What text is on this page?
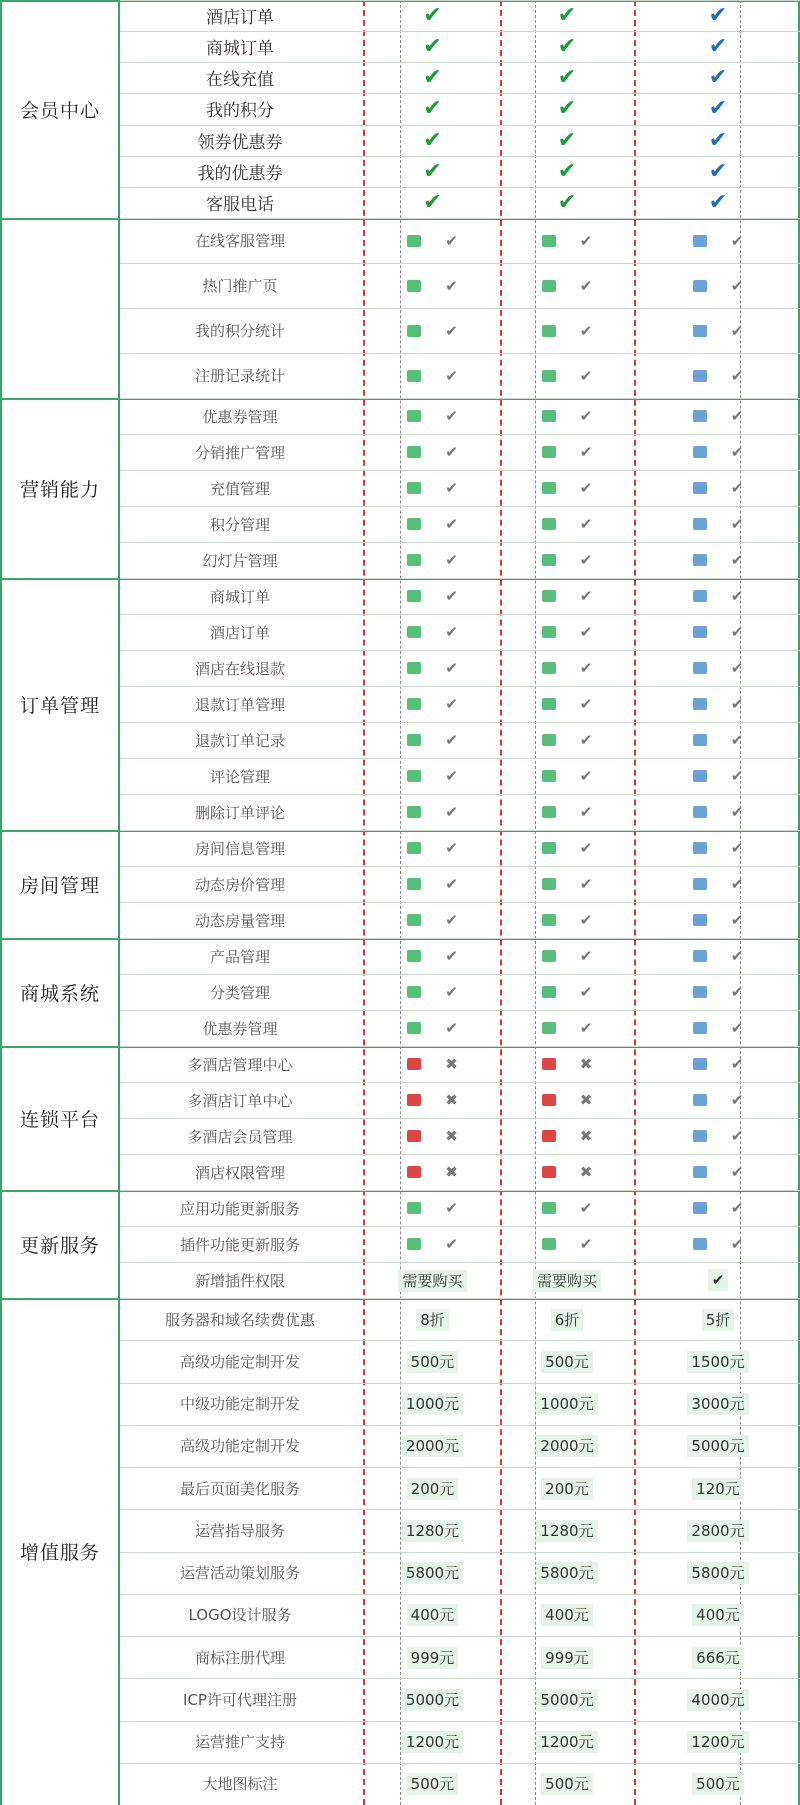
会员中心
酒店订单	✔	✔	✔
商城订单	✔	✔	✔
在线充值	✔	✔	✔
我的积分	✔	✔	✔
领券优惠券	✔	✔	✔
我的优惠券	✔	✔	✔
客服电话	✔	✔	✔
在线客服管理	✔	✔	✔
热门推广页	✔	✔	✔
我的积分统计	✔	✔	✔
注册记录统计	✔	✔	✔
营销能力
优惠券管理	✔	✔	✔
分销推广管理	✔	✔	✔
充值管理	✔	✔	✔
积分管理	✔	✔	✔
幻灯片管理	✔	✔	✔
订单管理
商城订单	✔	✔	✔
酒店订单	✔	✔	✔
酒店在线退款	✔	✔	✔
退款订单管理	✔	✔	✔
退款订单记录	✔	✔	✔
评论管理	✔	✔	✔
删除订单评论	✔	✔	✔
房间管理
房间信息管理	✔	✔	✔
动态房价管理	✔	✔	✔
动态房量管理	✔	✔	✔
商城系统
产品管理	✔	✔	✔
分类管理	✔	✔	✔
优惠券管理	✔	✔	✔
连锁平台
多酒店管理中心	✖	✖	✔
多酒店订单中心	✖	✖	✔
多酒店会员管理	✖	✖	✔
酒店权限管理	✖	✖	✔
更新服务
应用功能更新服务	✔	✔	✔
插件功能更新服务	✔	✔	✔
新增插件权限	需要购买	需要购买	✔
增值服务
服务器和域名续费优惠	8折	6折	5折
高级功能定制开发	500元	500元	1500元
中级功能定制开发	1000元	1000元	3000元
高级功能定制开发	2000元	2000元	5000元
最后页面美化服务	200元	200元	120元
运营指导服务	1280元	1280元	2800元
运营活动策划服务	5800元	5800元	5800元
LOGO设计服务	400元	400元	400元
商标注册代理	999元	999元	666元
ICP许可代理注册	5000元	5000元	4000元
运营推广支持	1200元	1200元	1200元
大地图标注	500元	500元	500元
